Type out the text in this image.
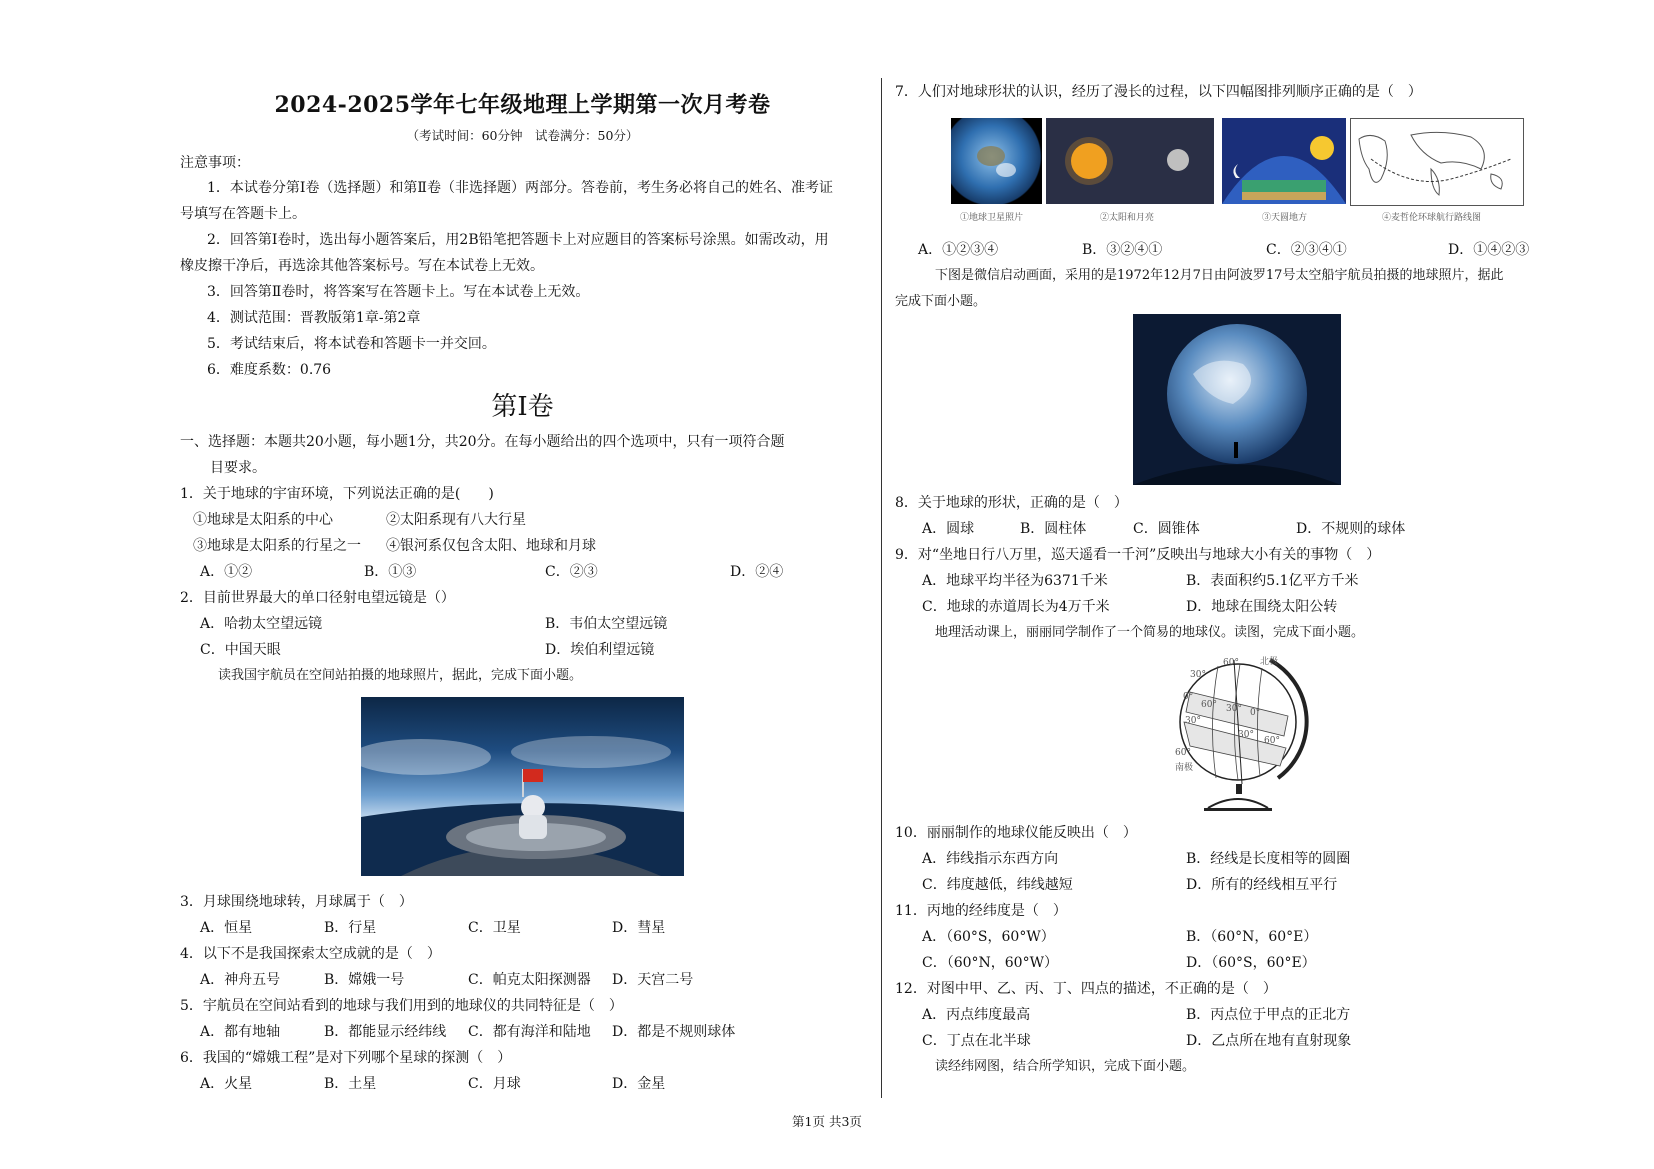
2024-2025学年七年级地理上学期第一次月考卷
（考试时间：60分钟　试卷满分：50分）
注意事项：
1．本试卷分第Ⅰ卷（选择题）和第Ⅱ卷（非选择题）两部分。答卷前，考生务必将自己的姓名、准考证
号填写在答题卡上。
2．回答第Ⅰ卷时，选出每小题答案后，用2B铅笔把答题卡上对应题目的答案标号涂黑。如需改动，用
橡皮擦干净后，再选涂其他答案标号。写在本试卷上无效。
3．回答第Ⅱ卷时，将答案写在答题卡上。写在本试卷上无效。
4．测试范围：晋教版第1章-第2章
5．考试结束后，将本试卷和答题卡一并交回。
6．难度系数：0.76
第Ⅰ卷
一、选择题：本题共20小题，每小题1分，共20分。在每小题给出的四个选项中，只有一项符合题
目要求。
1．关于地球的宇宙环境，下列说法正确的是(　　)
①地球是太阳系的中心	②太阳系现有八大行星
③地球是太阳系的行星之一 ④银河系仅包含太阳、地球和月球
A．①②	B．①③	C．②③	D．②④
2．目前世界最大的单口径射电望远镜是（）
A．哈勃太空望远镜	B．韦伯太空望远镜
C．中国天眼	D．埃伯利望远镜
读我国宇航员在空间站拍摄的地球照片，据此，完成下面小题。
3．月球围绕地球转，月球属于（　）
A．恒星	B．行星	C．卫星	D．彗星
4．以下不是我国探索太空成就的是（　）
A．神舟五号	B．嫦娥一号	C．帕克太阳探测器 D．天宫二号
5．宇航员在空间站看到的地球与我们用到的地球仪的共同特征是（　）
A．都有地轴	B．都能显示经纬线 C．都有海洋和陆地 D．都是不规则球体
6．我国的“嫦娥工程”是对下列哪个星球的探测（　）
A．火星	B．土星	C．月球	D．金星
7．人们对地球形状的认识，经历了漫长的过程，以下四幅图排列顺序正确的是（　）
①地球卫星照片	②太阳和月亮	③天圆地方	④麦哲伦环球航行路线图
A．①②③④	B．③②④①	C．②③④①	D．①④②③
下图是微信启动画面，采用的是1972年12月7日由阿波罗17号太空船宇航员拍摄的地球照片，据此
完成下面小题。
8．关于地球的形状，正确的是（　）
A．圆球	B．圆柱体	C．圆锥体	D．不规则的球体
9．对“坐地日行八万里，巡天遥看一千河”反映出与地球大小有关的事物（　）
A．地球平均半径为6371千米	B．表面积约5.1亿平方千米
C．地球的赤道周长为4万千米	D．地球在围绕太阳公转
地理活动课上，丽丽同学制作了一个简易的地球仪。读图，完成下面小题。
60° 北极
30°
0°
60° 30° 0°
30°
30°
60°
60°
南极
10．丽丽制作的地球仪能反映出（　）
A．纬线指示东西方向	B．经线是长度相等的圆圈
C．纬度越低，纬线越短	D．所有的经线相互平行
11．丙地的经纬度是（　）
A．（60°S，60°W）	B．（60°N，60°E）
C．（60°N，60°W）	D．（60°S，60°E）
12．对图中甲、乙、丙、丁、四点的描述，不正确的是（　）
A．丙点纬度最高	B．丙点位于甲点的正北方
C．丁点在北半球	D．乙点所在地有直射现象
读经纬网图，结合所学知识，完成下面小题。
第1页 共3页
